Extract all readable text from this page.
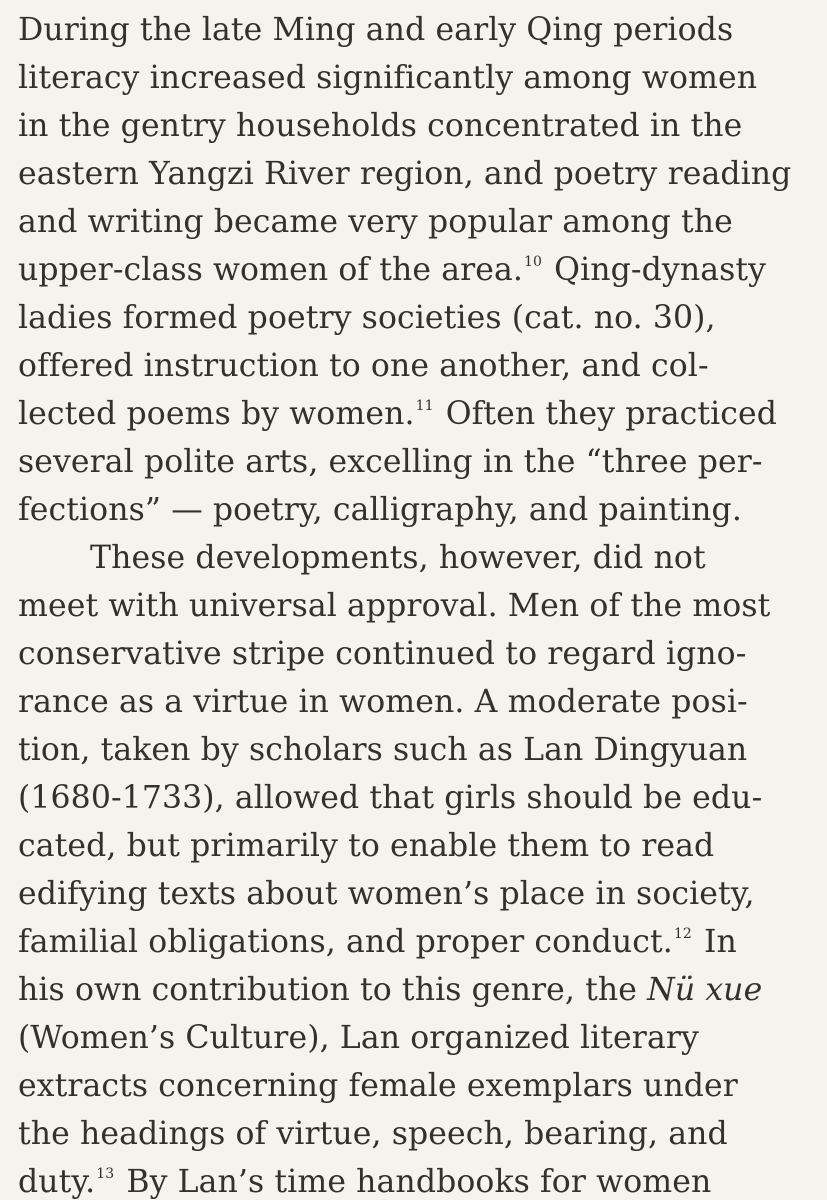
During the late Ming and early Qing periods
literacy increased significantly among women
in the gentry households concentrated in the
eastern Yangzi River region, and poetry reading
and writing became very popular among the
upper-class women of the area.$^{10}$ Qing-dynasty
ladies formed poetry societies (cat. no. 30),
offered instruction to one another, and col-
lected poems by women.$^{11}$ Often they practiced
several polite arts, excelling in the “three per-
fections” — poetry, calligraphy, and painting.
These developments, however, did not
meet with universal approval. Men of the most
conservative stripe continued to regard igno-
rance as a virtue in women. A moderate posi-
tion, taken by scholars such as Lan Dingyuan
(1680-1733), allowed that girls should be edu-
cated, but primarily to enable them to read
edifying texts about women’s place in society,
familial obligations, and proper conduct.$^{12}$ In
his own contribution to this genre, the Nü xue
(Women’s Culture), Lan organized literary
extracts concerning female exemplars under
the headings of virtue, speech, bearing, and
duty.$^{13}$ By Lan’s time handbooks for women
